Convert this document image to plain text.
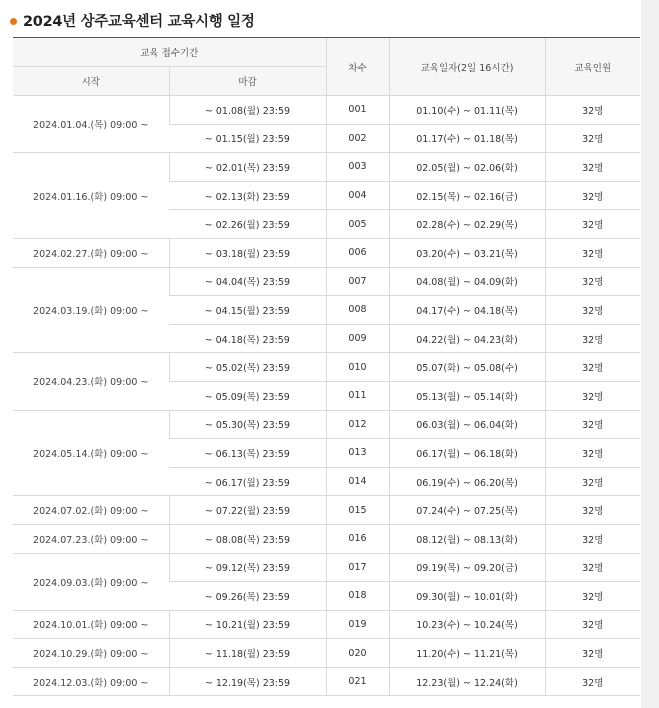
2024년 상주교육센터 교육시행 일정
교육 접수기간		차수	교육일자(2일 16시간)	교육인원
시작	마감			
2024.01.04.(목) 09:00 ~	~ 01.08(월) 23:59	001	01.10(수) ~ 01.11(목)	32명
	~ 01.15(월) 23:59	002	01.17(수) ~ 01.18(목)	32명
2024.01.16.(화) 09:00 ~	~ 02.01(목) 23:59	003	02.05(월) ~ 02.06(화)	32명
	~ 02.13(화) 23:59	004	02.15(목) ~ 02.16(금)	32명
	~ 02.26(월) 23:59	005	02.28(수) ~ 02.29(목)	32명
2024.02.27.(화) 09:00 ~	~ 03.18(월) 23:59	006	03.20(수) ~ 03.21(목)	32명
2024.03.19.(화) 09:00 ~	~ 04.04(목) 23:59	007	04.08(월) ~ 04.09(화)	32명
	~ 04.15(월) 23:59	008	04.17(수) ~ 04.18(목)	32명
	~ 04.18(목) 23:59	009	04.22(월) ~ 04.23(화)	32명
2024.04.23.(화) 09:00 ~	~ 05.02(목) 23:59	010	05.07(화) ~ 05.08(수)	32명
	~ 05.09(목) 23:59	011	05.13(월) ~ 05.14(화)	32명
2024.05.14.(화) 09:00 ~	~ 05.30(목) 23:59	012	06.03(월) ~ 06.04(화)	32명
	~ 06.13(목) 23:59	013	06.17(월) ~ 06.18(화)	32명
	~ 06.17(월) 23:59	014	06.19(수) ~ 06.20(목)	32명
2024.07.02.(화) 09:00 ~	~ 07.22(월) 23:59	015	07.24(수) ~ 07.25(목)	32명
2024.07.23.(화) 09:00 ~	~ 08.08(목) 23:59	016	08.12(월) ~ 08.13(화)	32명
2024.09.03.(화) 09:00 ~	~ 09.12(목) 23:59	017	09.19(목) ~ 09.20(금)	32명
	~ 09.26(목) 23:59	018	09.30(월) ~ 10.01(화)	32명
2024.10.01.(화) 09:00 ~	~ 10.21(월) 23:59	019	10.23(수) ~ 10.24(목)	32명
2024.10.29.(화) 09:00 ~	~ 11.18(월) 23:59	020	11.20(수) ~ 11.21(목)	32명
2024.12.03.(화) 09:00 ~	~ 12.19(목) 23:59	021	12.23(월) ~ 12.24(화)	32명
